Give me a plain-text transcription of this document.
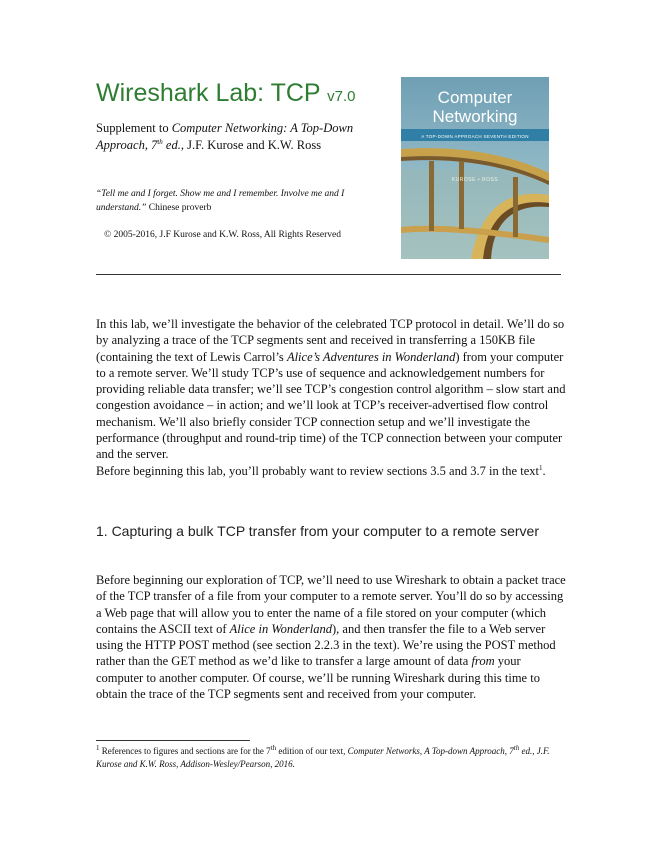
Wireshark Lab: TCP v7.0
Supplement to Computer Networking: A Top-Down Approach, 7th ed., J.F. Kurose and K.W. Ross
“Tell me and I forget. Show me and I remember. Involve me and I understand.” Chinese proverb
© 2005-2016, J.F Kurose and K.W. Ross, All Rights Reserved
Computer
Networking
A TOP-DOWN APPROACH SEVENTH EDITION
KUROSE • ROSS
In this lab, we’ll investigate the behavior of the celebrated TCP protocol in detail. We’ll do so by analyzing a trace of the TCP segments sent and received in transferring a 150KB file (containing the text of Lewis Carrol’s Alice’s Adventures in Wonderland) from your computer to a remote server. We’ll study TCP’s use of sequence and acknowledgement numbers for providing reliable data transfer; we’ll see TCP’s congestion control algorithm – slow start and congestion avoidance – in action; and we’ll look at TCP’s receiver-advertised flow control mechanism. We’ll also briefly consider TCP connection setup and we’ll investigate the performance (throughput and round-trip time) of the TCP connection between your computer and the server.
Before beginning this lab, you’ll probably want to review sections 3.5 and 3.7 in the text$^1$.
1. Capturing a bulk TCP transfer from your computer to a remote server
Before beginning our exploration of TCP, we’ll need to use Wireshark to obtain a packet trace of the TCP transfer of a file from your computer to a remote server. You’ll do so by accessing a Web page that will allow you to enter the name of a file stored on your computer (which contains the ASCII text of Alice in Wonderland), and then transfer the file to a Web server using the HTTP POST method (see section 2.2.3 in the text). We’re using the POST method rather than the GET method as we’d like to transfer a large amount of data from your computer to another computer. Of course, we’ll be running Wireshark during this time to obtain the trace of the TCP segments sent and received from your computer.
$^1$ References to figures and sections are for the 7th edition of our text, Computer Networks, A Top-down Approach, 7th ed., J.F. Kurose and K.W. Ross, Addison-Wesley/Pearson, 2016.
